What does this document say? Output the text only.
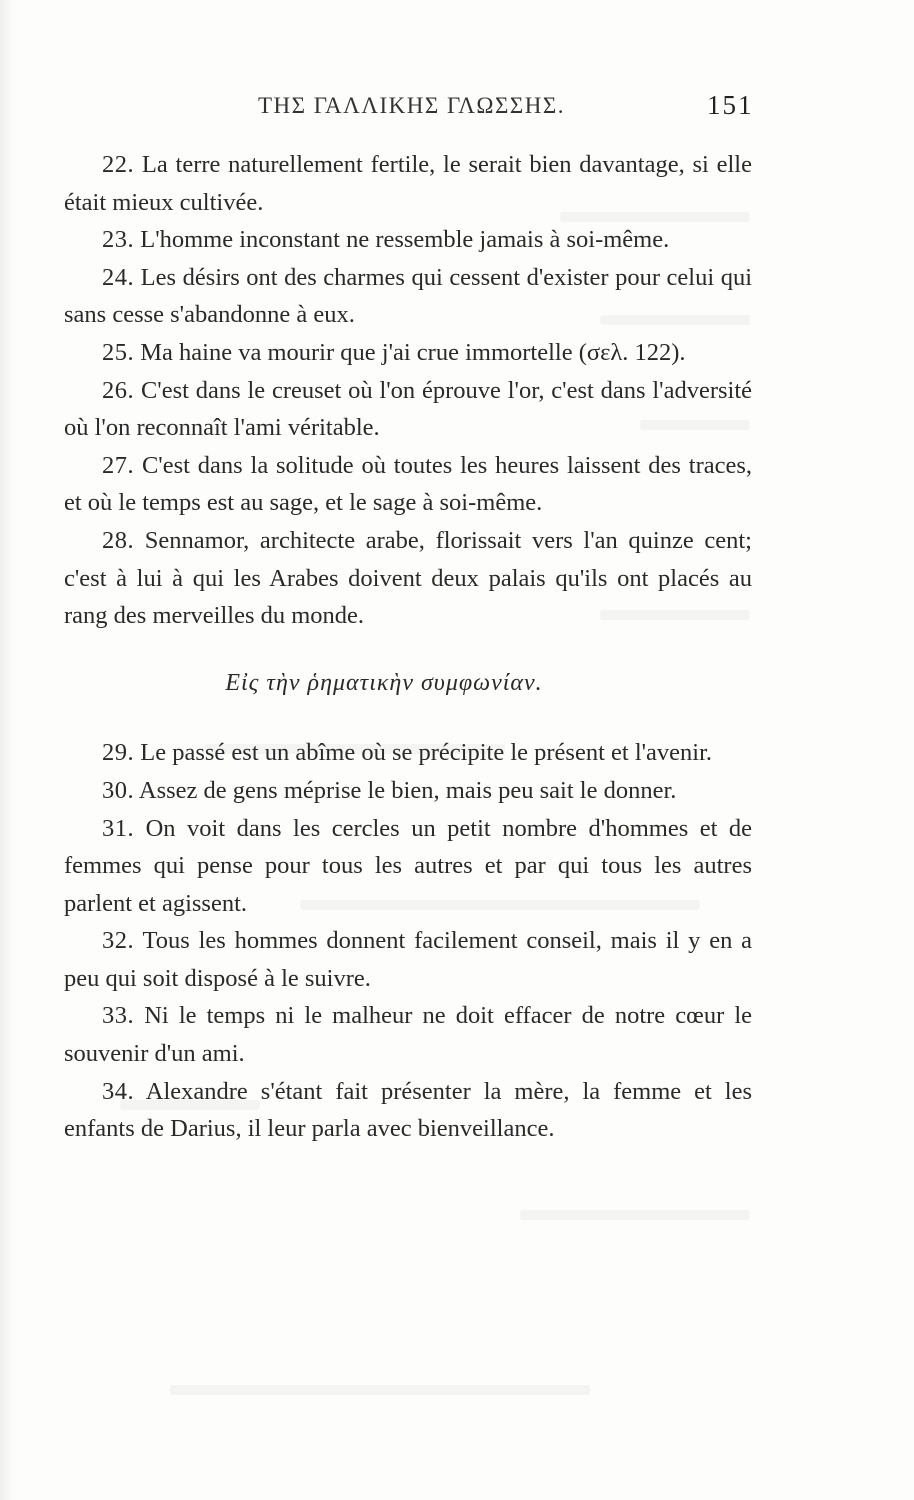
ΤΗΣ ΓΑΛΛΙΚΗΣ ΓΛΩΣΣΗΣ.	151

22. La terre naturellement fertile, le serait bien davantage, si elle était mieux cultivée.

23. L'homme inconstant ne ressemble jamais à soi-même.

24. Les désirs ont des charmes qui cessent d'exister pour celui qui sans cesse s'abandonne à eux.

25. Ma haine va mourir que j'ai crue immortelle (σελ. 122).

26. C'est dans le creuset où l'on éprouve l'or, c'est dans l'adversité où l'on reconnaît l'ami véritable.

27. C'est dans la solitude où toutes les heures laissent des traces, et où le temps est au sage, et le sage à soi-même.

28. Sennamor, architecte arabe, florissait vers l'an quinze cent; c'est à lui à qui les Arabes doivent deux palais qu'ils ont placés au rang des merveilles du monde.

Εἰς τὴν ῥηματικὴν συμφωνίαν.

29. Le passé est un abîme où se précipite le présent et l'avenir.

30. Assez de gens méprise le bien, mais peu sait le donner.

31. On voit dans les cercles un petit nombre d'hommes et de femmes qui pense pour tous les autres et par qui tous les autres parlent et agissent.

32. Tous les hommes donnent facilement conseil, mais il y en a peu qui soit disposé à le suivre.

33. Ni le temps ni le malheur ne doit effacer de notre cœur le souvenir d'un ami.

34. Alexandre s'étant fait présenter la mère, la femme et les enfants de Darius, il leur parla avec bienveillance.
